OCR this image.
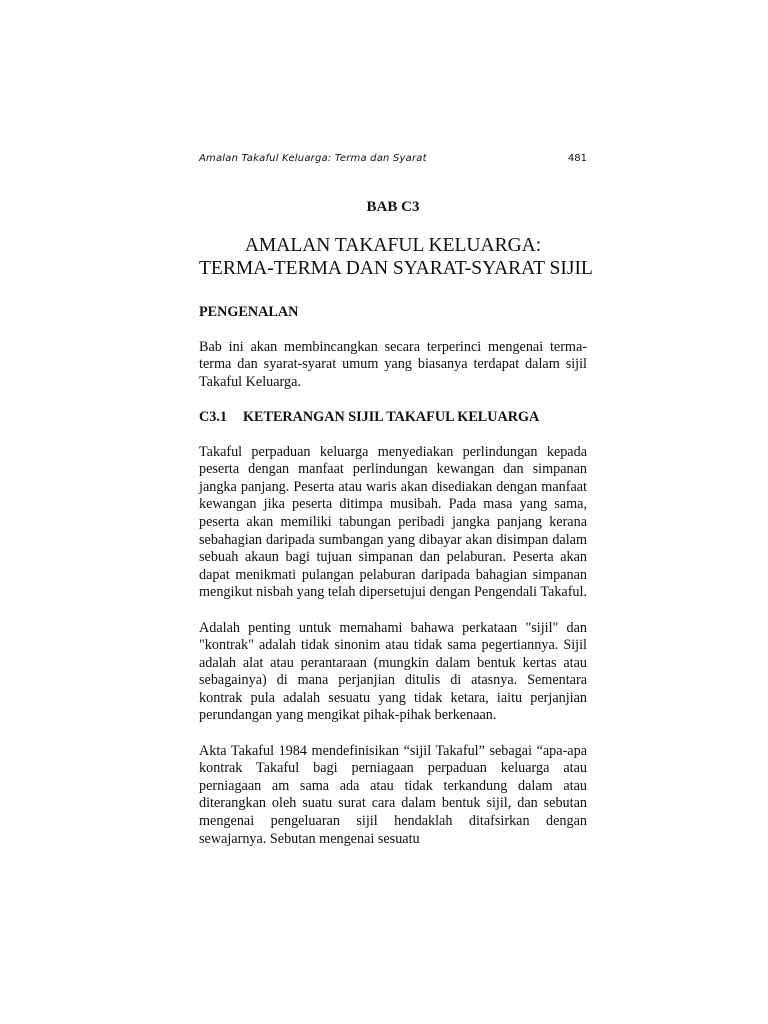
Amalan Takaful Keluarga: Terma dan Syarat	481
BAB C3
AMALAN TAKAFUL KELUARGA:
TERMA-TERMA DAN SYARAT-SYARAT SIJIL
PENGENALAN

Bab ini akan membincangkan secara terperinci mengenai terma-terma dan syarat-syarat umum yang biasanya terdapat dalam sijil Takaful Keluarga.

C3.1	KETERANGAN SIJIL TAKAFUL KELUARGA

Takaful perpaduan keluarga menyediakan perlindungan kepada peserta dengan manfaat perlindungan kewangan dan simpanan jangka panjang. Peserta atau waris akan disediakan dengan manfaat kewangan jika peserta ditimpa musibah. Pada masa yang sama, peserta akan memiliki tabungan peribadi jangka panjang kerana sebahagian daripada sumbangan yang dibayar akan disimpan dalam sebuah akaun bagi tujuan simpanan dan pelaburan. Peserta akan dapat menikmati pulangan pelaburan daripada bahagian simpanan mengikut nisbah yang telah dipersetujui dengan Pengendali Takaful.

Adalah penting untuk memahami bahawa perkataan "sijil" dan "kontrak" adalah tidak sinonim atau tidak sama pegertiannya. Sijil adalah alat atau perantaraan (mungkin dalam bentuk kertas atau sebagainya) di mana perjanjian ditulis di atasnya. Sementara kontrak pula adalah sesuatu yang tidak ketara, iaitu perjanjian perundangan yang mengikat pihak-pihak berkenaan.

Akta Takaful 1984 mendefinisikan “sijil Takaful” sebagai “apa-apa kontrak Takaful bagi perniagaan perpaduan keluarga atau perniagaan am sama ada atau tidak terkandung dalam atau diterangkan oleh suatu surat cara dalam bentuk sijil, dan sebutan mengenai pengeluaran sijil hendaklah ditafsirkan dengan sewajarnya. Sebutan mengenai sesuatu
